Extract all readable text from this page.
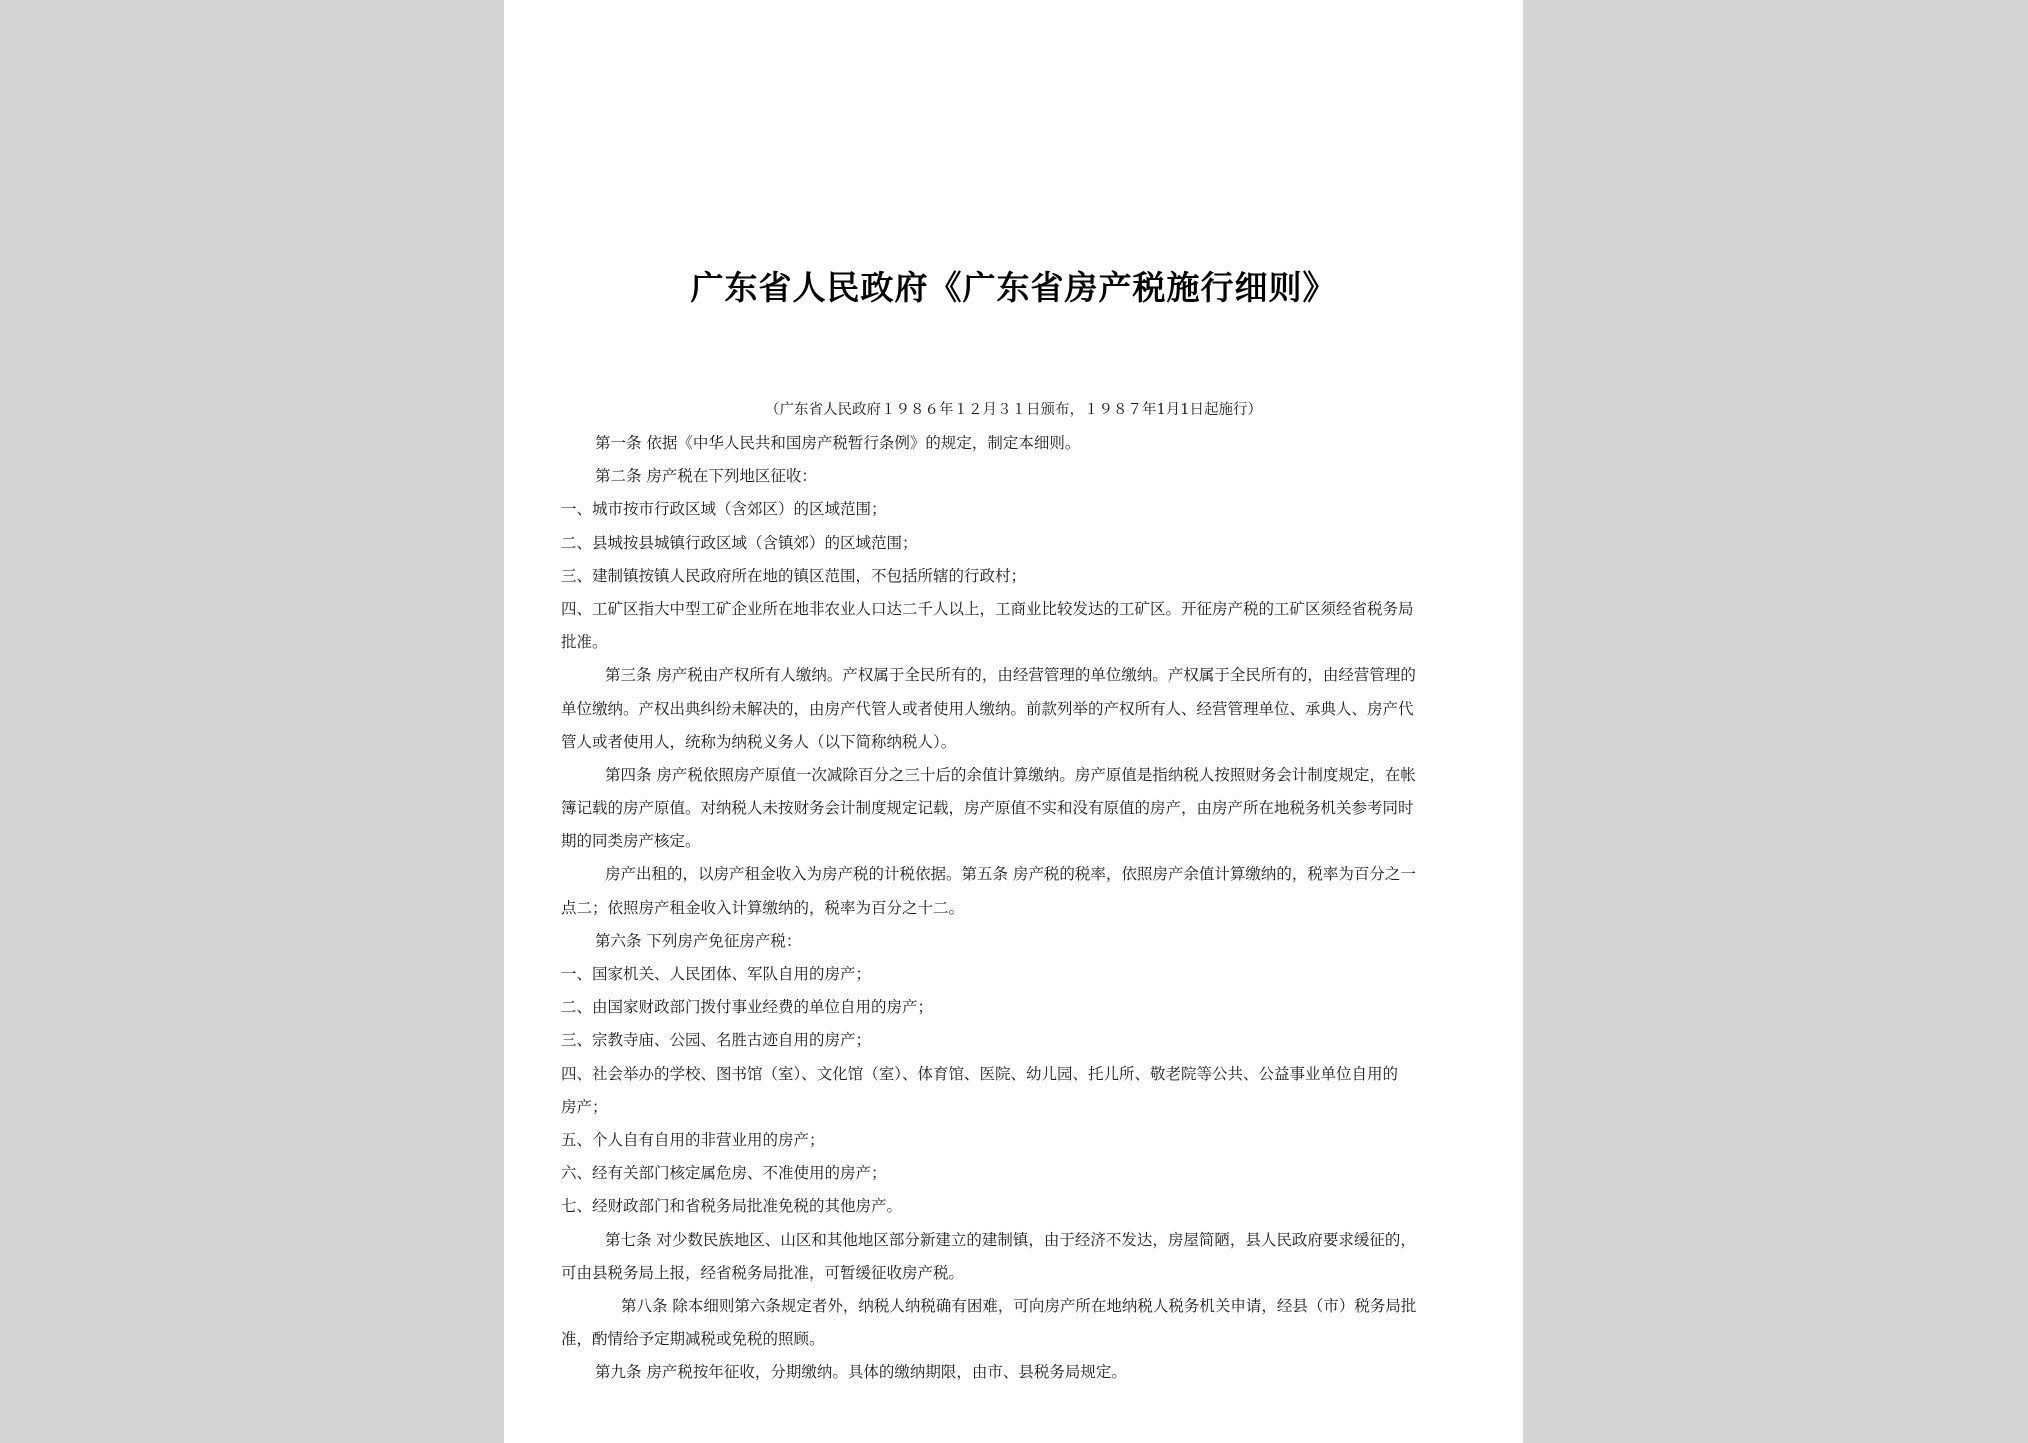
广东省人民政府《广东省房产税施行细则》

（广东省人民政府１９８６年１２月３１日颁布，１９８７年1月1日起施行）

第一条 依据《中华人民共和国房产税暂行条例》的规定，制定本细则。
第二条 房产税在下列地区征收：
一、城市按市行政区域（含郊区）的区域范围；
二、县城按县城镇行政区域（含镇郊）的区域范围；
三、建制镇按镇人民政府所在地的镇区范围，不包括所辖的行政村；
四、工矿区指大中型工矿企业所在地非农业人口达二千人以上，工商业比较发达的工矿区。开征房产税的工矿区须经省税务局
批准。
第三条 房产税由产权所有人缴纳。产权属于全民所有的，由经营管理的单位缴纳。产权属于全民所有的，由经营管理的
单位缴纳。产权出典纠纷未解决的，由房产代管人或者使用人缴纳。前款列举的产权所有人、经营管理单位、承典人、房产代
管人或者使用人，统称为纳税义务人（以下简称纳税人）。
第四条 房产税依照房产原值一次减除百分之三十后的余值计算缴纳。房产原值是指纳税人按照财务会计制度规定，在帐
簿记载的房产原值。对纳税人未按财务会计制度规定记载，房产原值不实和没有原值的房产，由房产所在地税务机关参考同时
期的同类房产核定。
房产出租的，以房产租金收入为房产税的计税依据。第五条 房产税的税率，依照房产余值计算缴纳的，税率为百分之一
点二；依照房产租金收入计算缴纳的，税率为百分之十二。
第六条 下列房产免征房产税：
一、国家机关、人民团体、军队自用的房产；
二、由国家财政部门拨付事业经费的单位自用的房产；
三、宗教寺庙、公园、名胜古迹自用的房产；
四、社会举办的学校、图书馆（室）、文化馆（室）、体育馆、医院、幼儿园、托儿所、敬老院等公共、公益事业单位自用的
房产；
五、个人自有自用的非营业用的房产；
六、经有关部门核定属危房、不准使用的房产；
七、经财政部门和省税务局批准免税的其他房产。
第七条 对少数民族地区、山区和其他地区部分新建立的建制镇，由于经济不发达，房屋简陋，县人民政府要求缓征的，
可由县税务局上报，经省税务局批准，可暂缓征收房产税。
第八条 除本细则第六条规定者外，纳税人纳税确有困难，可向房产所在地纳税人税务机关申请，经县（市）税务局批
准，酌情给予定期减税或免税的照顾。
第九条 房产税按年征收，分期缴纳。具体的缴纳期限，由市、县税务局规定。
